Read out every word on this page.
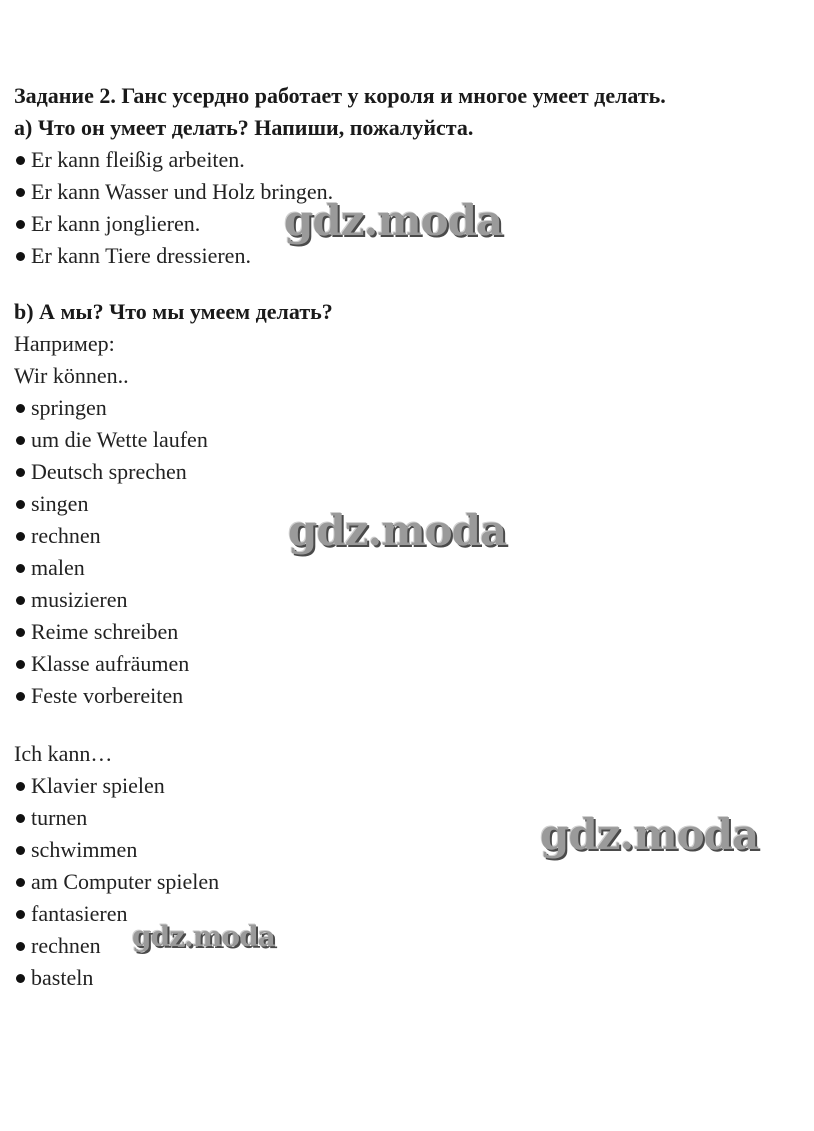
Задание 2. Ганс усердно работает у короля и многое умеет делать.
a) Что он умеет делать? Напиши, пожалуйста.
Er kann fleißig arbeiten.
Er kann Wasser und Holz bringen.
Er kann jonglieren.
Er kann Tiere dressieren.
b) А мы? Что мы умеем делать?
Например:
Wir können..
springen
um die Wette laufen
Deutsch sprechen
singen
rechnen
malen
musizieren
Reime schreiben
Klasse aufräumen
Feste vorbereiten
Ich kann…
Klavier spielen
turnen
schwimmen
am Computer spielen
fantasieren
rechnen
basteln
gdz.moda
gdz.moda
gdz.moda
gdz.moda
